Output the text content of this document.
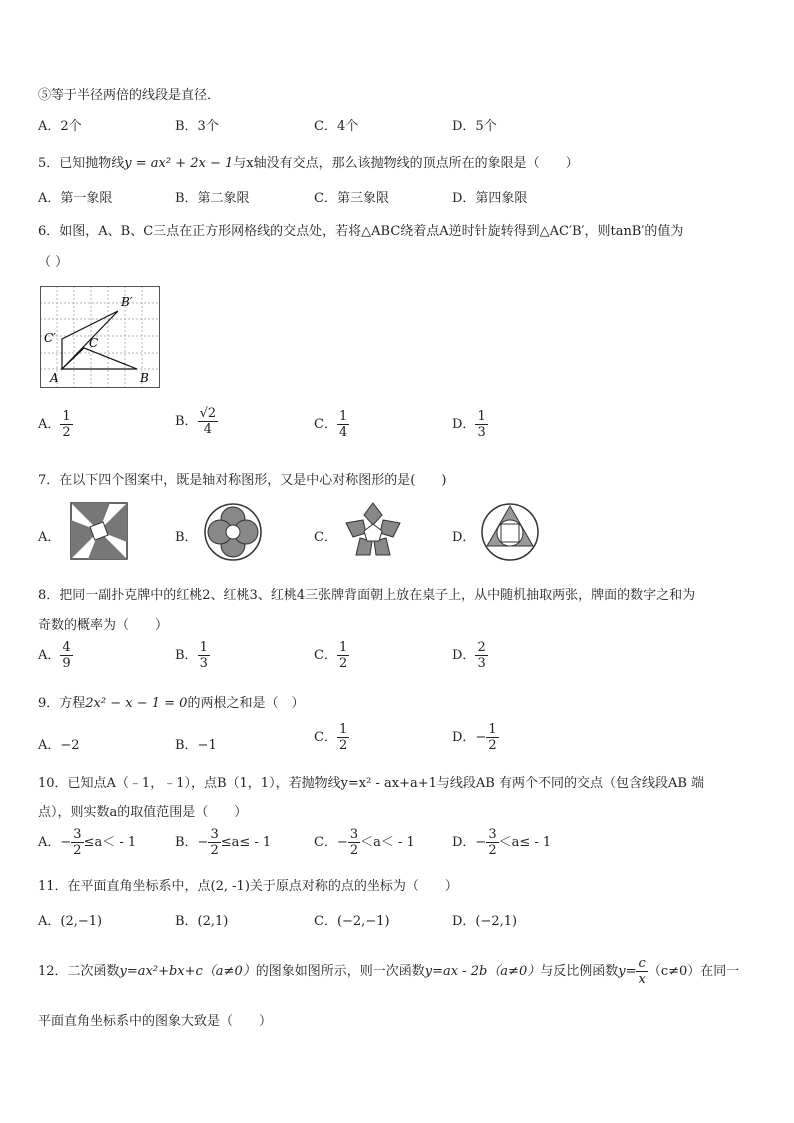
⑤等于半径两倍的线段是直径．
A．2个	B．3个	C．4个	D．5个
5．已知抛物线y = ax² + 2x − 1与x轴没有交点，那么该抛物线的顶点所在的象限是（　　）
A．第一象限	B．第二象限	C．第三象限	D．第四象限
6．如图，A、B、C三点在正方形网格线的交点处，若将△ABC绕着点A逆时针旋转得到△AC′B′，则tanB′的值为
（ ）
A	B
C
C′
B′
A． $\frac{1}{2}$	B． $\frac{√2}{4}$	C． $\frac{1}{4}$	D． $\frac{1}{3}$
7．在以下四个图案中，既是轴对称图形，又是中心对称图形的是(　　)
A．	B．	C．	D．
8．把同一副扑克牌中的红桃2、红桃3、红桃4三张牌背面朝上放在桌子上，从中随机抽取两张，牌面的数字之和为
奇数的概率为（　　）
A． $\frac{4}{9}$	B． $\frac{1}{3}$	C． $\frac{1}{2}$	D． $\frac{2}{3}$
9．方程2x² − x − 1 = 0的两根之和是（　）
A．−2	B．−1
C． $\frac{1}{2}$	D．− $\frac{1}{2}$
10．已知点A（﹣1，﹣1），点B（1，1），若抛物线y=x² - ax+a+1与线段AB 有两个不同的交点（包含线段AB 端
点），则实数a的取值范围是（　　）
A．− $\frac{3}{2} \le a< - 1$	B．− $\frac{3}{2} \le a\le - 1$	C．− $\frac{3}{2} <a< - 1$	D．− $\frac{3}{2} <a\le - 1$
11．在平面直角坐标系中，点(2, -1)关于原点对称的点的坐标为（　　）
A．(2,−1)	B．(2,1)	C．(−2,−1)	D．(−2,1)
12．二次函数y=ax²+bx+c（a≠0）的图象如图所示，则一次函数y=ax - 2b（a≠0）与反比例函数$y= \frac{c}{x} (c\ne 0)$在同一
平面直角坐标系中的图象大致是（　　）
